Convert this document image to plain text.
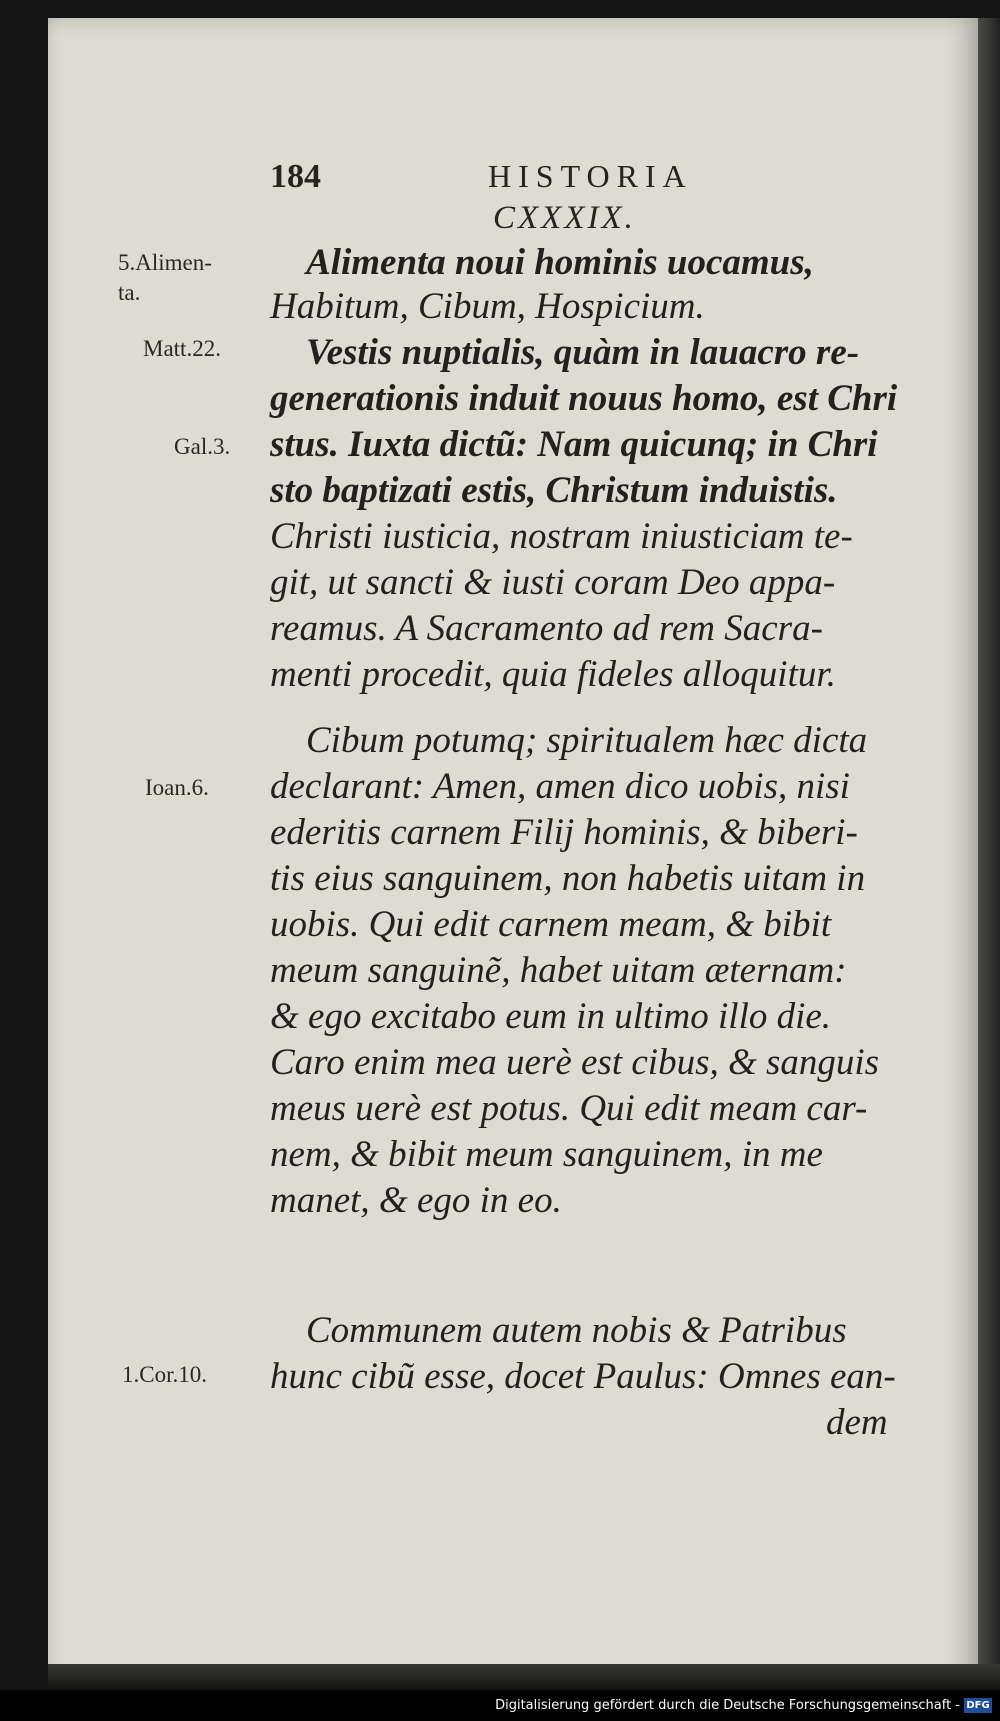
184	HISTORIA
CXXXIX.
5.Alimen-
ta.
Matt.22.
Gal.3.
Ioan.6.
1.Cor.10.
Alimenta noui hominis uocamus,
Habitum, Cibum, Hospicium.
Vestis nuptialis, quàm in lauacro re-
generationis induit nouus homo, est Chri
stus. Iuxta dictũ: Nam quicunq; in Chri
sto baptizati estis, Christum induistis.
Christi iusticia, nostram iniusticiam te-
git, ut sancti & iusti coram Deo appa-
reamus. A Sacramento ad rem Sacra-
menti procedit, quia fideles alloquitur.
Cibum potumq; spiritualem hæc dicta
declarant: Amen, amen dico uobis, nisi
ederitis carnem Filij hominis, & biberi-
tis eius sanguinem, non habetis uitam in
uobis. Qui edit carnem meam, & bibit
meum sanguinẽ, habet uitam æternam:
& ego excitabo eum in ultimo illo die.
Caro enim mea uerè est cibus, & sanguis
meus uerè est potus. Qui edit meam car-
nem, & bibit meum sanguinem, in me
manet, & ego in eo.
Communem autem nobis & Patribus
hunc cibũ esse, docet Paulus: Omnes ean-
dem
Digitalisierung gefördert durch die Deutsche Forschungsgemeinschaft - DFG
